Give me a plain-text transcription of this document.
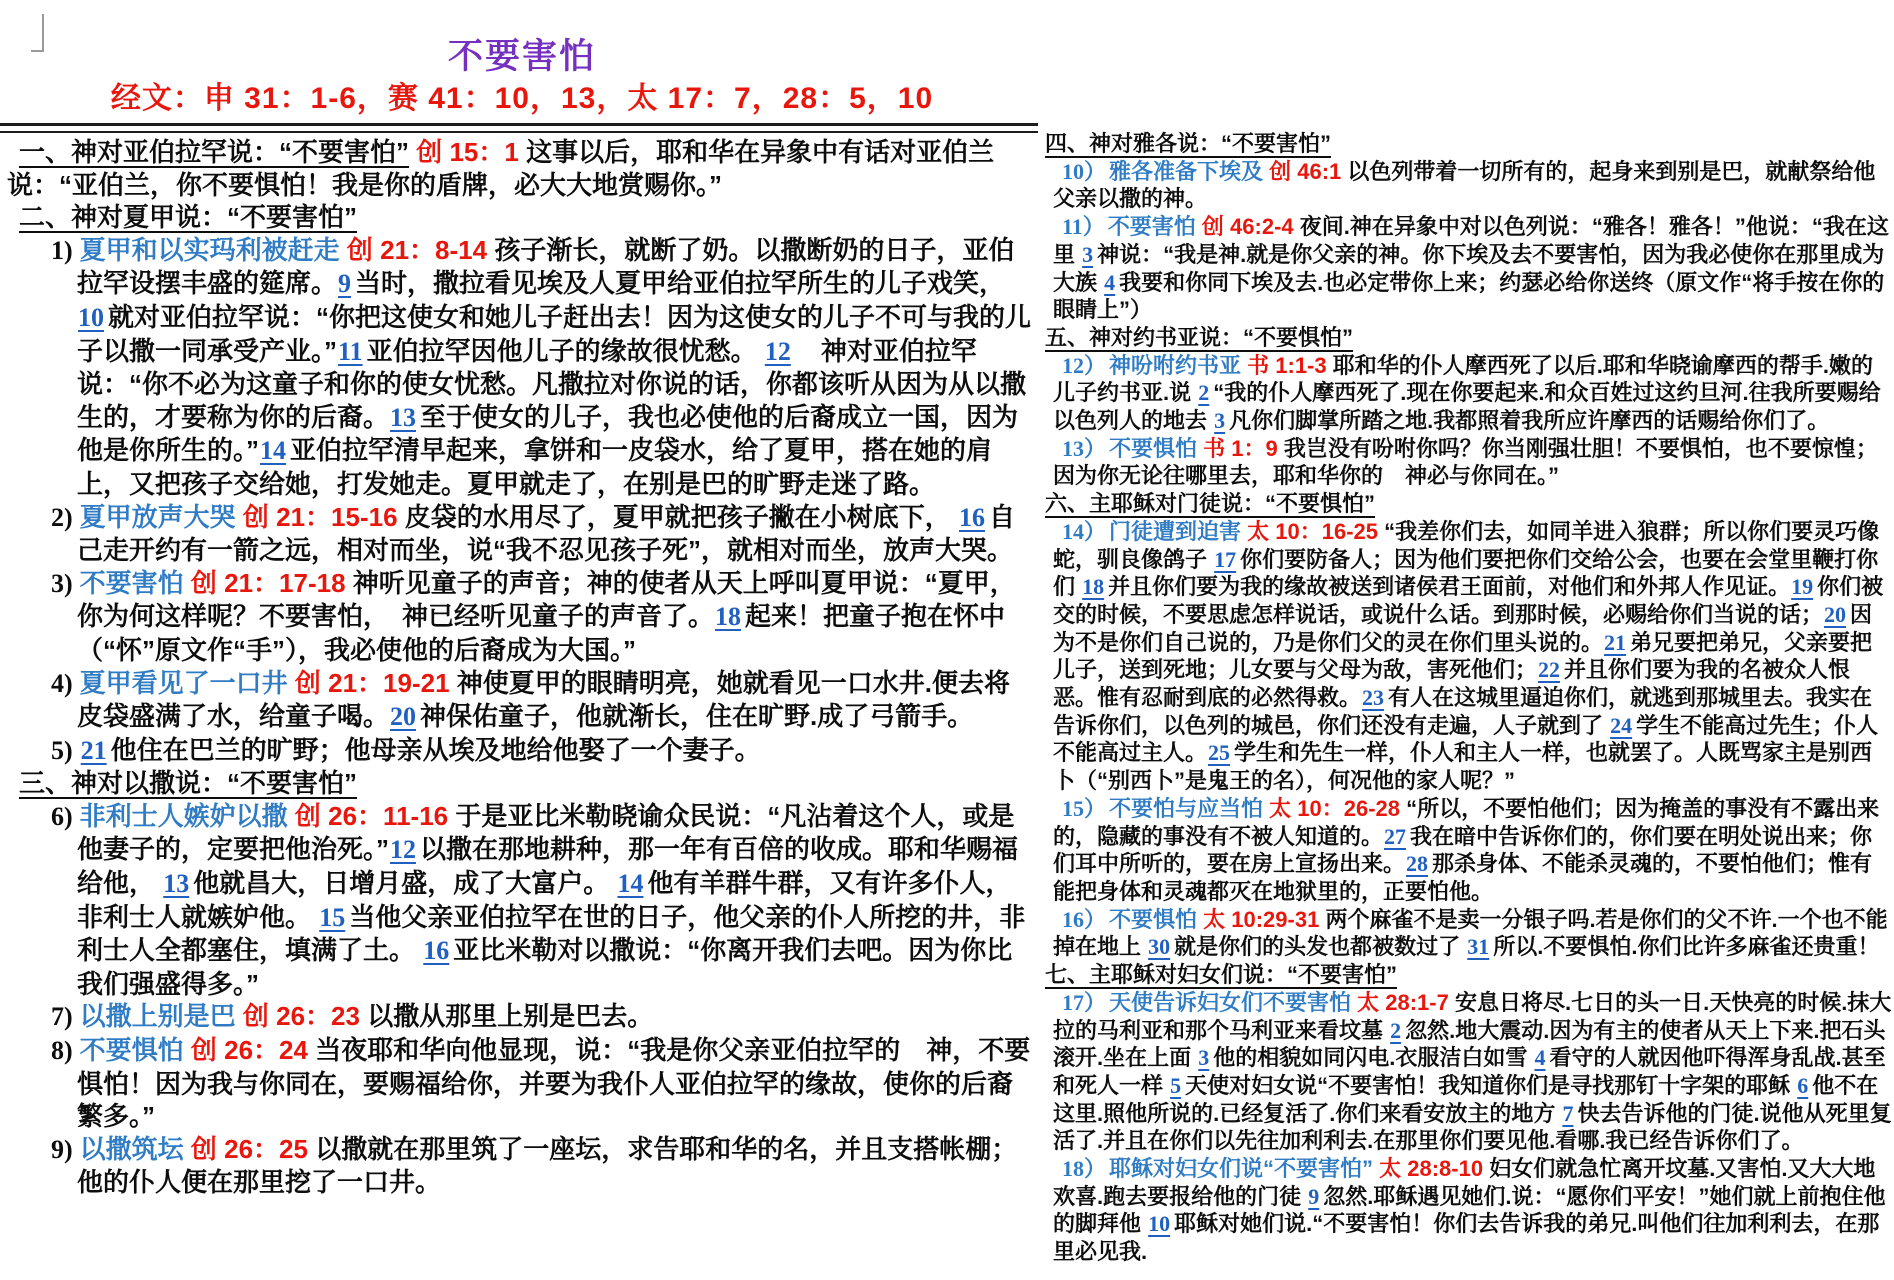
不要害怕
经文：申 31：1-6，赛 41：10，13，太 17：7，28：5，10

一、神对亚伯拉罕说：“不要害怕” 创 15：1 这事以后，耶和华在异象中有话对亚伯兰说：“亚伯兰，你不要惧怕！我是你的盾牌，必大大地赏赐你。”

二、神对夏甲说：“不要害怕”

1) 夏甲和以实玛利被赶走 创 21：8-14 孩子渐长，就断了奶。以撒断奶的日子，亚伯拉罕设摆丰盛的筵席。9 当时，撒拉看见埃及人夏甲给亚伯拉罕所生的儿子戏笑， 10 就对亚伯拉罕说：“你把这使女和她儿子赶出去！因为这使女的儿子不可与我的儿子以撒一同承受产业。”11 亚伯拉罕因他儿子的缘故很忧愁。 12　神对亚伯拉罕说：“你不必为这童子和你的使女忧愁。凡撒拉对你说的话，你都该听从因为从以撒生的，才要称为你的后裔。13 至于使女的儿子，我也必使他的后裔成立一国，因为他是你所生的。”14 亚伯拉罕清早起来，拿饼和一皮袋水，给了夏甲，搭在她的肩上，又把孩子交给她，打发她走。夏甲就走了，在别是巴的旷野走迷了路。

2) 夏甲放声大哭 创 21：15-16 皮袋的水用尽了，夏甲就把孩子撇在小树底下， 16 自己走开约有一箭之远，相对而坐，说“我不忍见孩子死”，就相对而坐，放声大哭。

3) 不要害怕 创 21：17-18 神听见童子的声音；神的使者从天上呼叫夏甲说：“夏甲，你为何这样呢？不要害怕，　神已经听见童子的声音了。18 起来！把童子抱在怀中（“怀”原文作“手”），我必使他的后裔成为大国。”

4) 夏甲看见了一口井 创 21：19-21 神使夏甲的眼睛明亮，她就看见一口水井.便去将皮袋盛满了水，给童子喝。20 神保佑童子，他就渐长，住在旷野.成了弓箭手。

5) 21 他住在巴兰的旷野；他母亲从埃及地给他娶了一个妻子。

三、神对以撒说：“不要害怕”

6) 非利士人嫉妒以撒 创 26：11-16 于是亚比米勒晓谕众民说：“凡沾着这个人，或是他妻子的，定要把他治死。”12 以撒在那地耕种，那一年有百倍的收成。耶和华赐福给他， 13 他就昌大，日增月盛，成了大富户。 14 他有羊群牛群，又有许多仆人，非利士人就嫉妒他。 15 当他父亲亚伯拉罕在世的日子，他父亲的仆人所挖的井，非利士人全都塞住，填满了土。 16 亚比米勒对以撒说：“你离开我们去吧。因为你比我们强盛得多。”

7) 以撒上别是巴 创 26：23 以撒从那里上别是巴去。

8) 不要惧怕 创 26：24 当夜耶和华向他显现，说：“我是你父亲亚伯拉罕的　神，不要惧怕！因为我与你同在，要赐福给你，并要为我仆人亚伯拉罕的缘故，使你的后裔繁多。”

9) 以撒筑坛 创 26：25 以撒就在那里筑了一座坛，求告耶和华的名，并且支搭帐棚；他的仆人便在那里挖了一口井。

四、神对雅各说：“不要害怕”

10） 雅各准备下埃及 创 46:1 以色列带着一切所有的，起身来到别是巴，就献祭给他父亲以撒的神。

11） 不要害怕 创 46:2-4 夜间.神在异象中对以色列说：“雅各！雅各！”他说：“我在这里 3 神说：“我是神.就是你父亲的神。你下埃及去不要害怕，因为我必使你在那里成为大族 4 我要和你同下埃及去.也必定带你上来；约瑟必给你送终（原文作“将手按在你的眼睛上”）

五、神对约书亚说：“不要惧怕”

12） 神吩咐约书亚 书 1:1-3 耶和华的仆人摩西死了以后.耶和华晓谕摩西的帮手.嫩的儿子约书亚.说 2 “我的仆人摩西死了.现在你要起来.和众百姓过这约旦河.往我所要赐给以色列人的地去 3 凡你们脚掌所踏之地.我都照着我所应许摩西的话赐给你们了。

13） 不要惧怕 书 1：9 我岂没有吩咐你吗？你当刚强壮胆！不要惧怕，也不要惊惶；因为你无论往哪里去，耶和华你的　神必与你同在。”

六、主耶稣对门徒说：“不要惧怕”

14） 门徒遭到迫害 太 10：16-25 “我差你们去，如同羊进入狼群；所以你们要灵巧像蛇，驯良像鸽子 17 你们要防备人；因为他们要把你们交给公会，也要在会堂里鞭打你们 18 并且你们要为我的缘故被送到诸侯君王面前，对他们和外邦人作见证。19 你们被交的时候，不要思虑怎样说话，或说什么话。到那时候，必赐给你们当说的话；20 因为不是你们自己说的，乃是你们父的灵在你们里头说的。21 弟兄要把弟兄，父亲要把儿子，送到死地；儿女要与父母为敌，害死他们；22 并且你们要为我的名被众人恨恶。惟有忍耐到底的必然得救。23 有人在这城里逼迫你们，就逃到那城里去。我实在告诉你们，以色列的城邑，你们还没有走遍，人子就到了 24 学生不能高过先生；仆人不能高过主人。25 学生和先生一样，仆人和主人一样，也就罢了。人既骂家主是别西卜（“别西卜”是鬼王的名），何况他的家人呢？”

15） 不要怕与应当怕 太 10：26-28 “所以，不要怕他们；因为掩盖的事没有不露出来的，隐藏的事没有不被人知道的。27 我在暗中告诉你们的，你们要在明处说出来；你们耳中所听的，要在房上宣扬出来。28 那杀身体、不能杀灵魂的，不要怕他们；惟有能把身体和灵魂都灭在地狱里的，正要怕他。

16） 不要惧怕 太 10:29-31 两个麻雀不是卖一分银子吗.若是你们的父不许.一个也不能掉在地上 30 就是你们的头发也都被数过了 31 所以.不要惧怕.你们比许多麻雀还贵重！

七、主耶稣对妇女们说：“不要害怕”

17） 天使告诉妇女们不要害怕 太 28:1-7 安息日将尽.七日的头一日.天快亮的时候.抹大拉的马利亚和那个马利亚来看坟墓 2 忽然.地大震动.因为有主的使者从天上下来.把石头滚开.坐在上面 3 他的相貌如同闪电.衣服洁白如雪 4 看守的人就因他吓得浑身乱战.甚至和死人一样 5 天使对妇女说“不要害怕！我知道你们是寻找那钉十字架的耶稣 6 他不在这里.照他所说的.已经复活了.你们来看安放主的地方 7 快去告诉他的门徒.说他从死里复活了.并且在你们以先往加利利去.在那里你们要见他.看哪.我已经告诉你们了。

18） 耶稣对妇女们说“不要害怕” 太 28:8-10 妇女们就急忙离开坟墓.又害怕.又大大地欢喜.跑去要报给他的门徒 9 忽然.耶稣遇见她们.说：“愿你们平安！”她们就上前抱住他的脚拜他 10 耶稣对她们说.“不要害怕！你们去告诉我的弟兄.叫他们往加利利去，在那里必见我.
